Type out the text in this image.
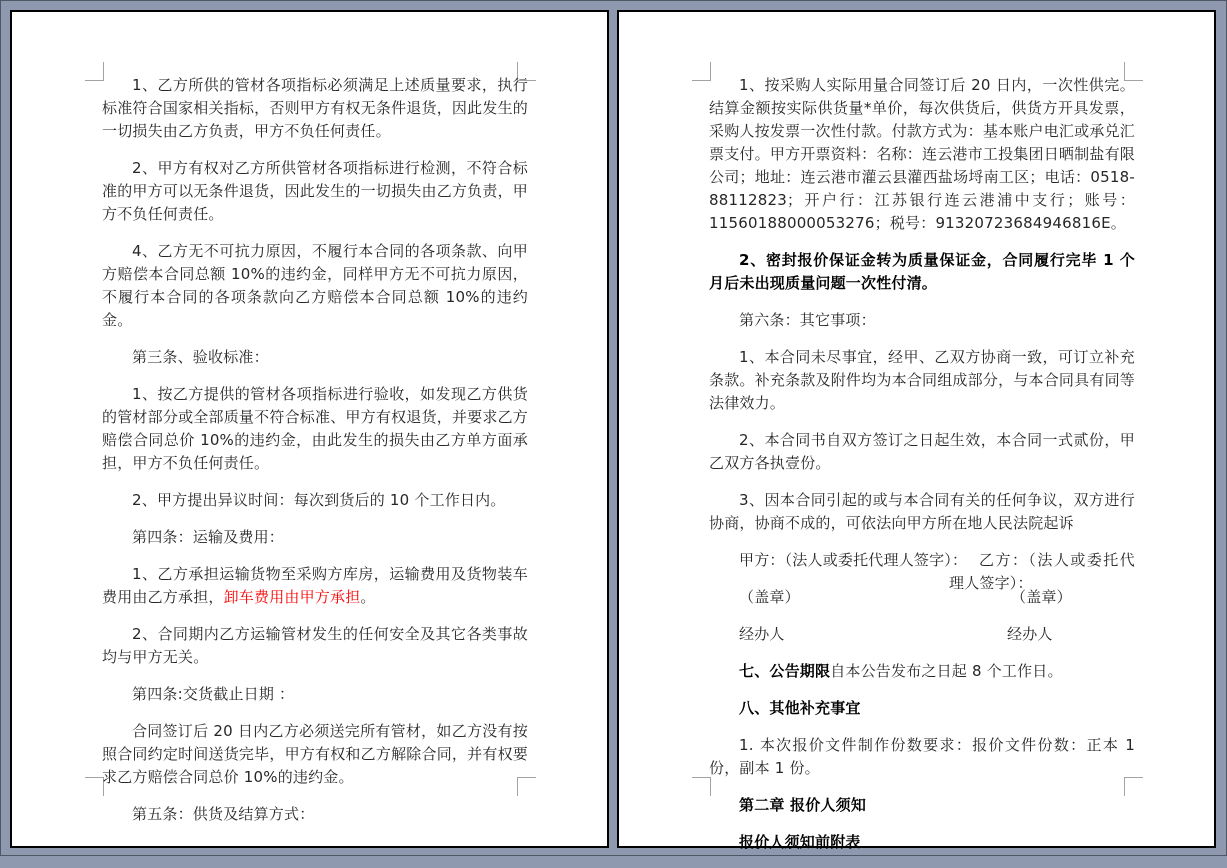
1、乙方所供的管材各项指标必须满足上述质量要求，执行标准符合国家相关指标，否则甲方有权无条件退货，因此发生的一切损失由乙方负责，甲方不负任何责任。

2、甲方有权对乙方所供管材各项指标进行检测，不符合标准的甲方可以无条件退货，因此发生的一切损失由乙方负责，甲方不负任何责任。

4、乙方无不可抗力原因，不履行本合同的各项条款、向甲方赔偿本合同总额 10%的违约金，同样甲方无不可抗力原因，不履行本合同的各项条款向乙方赔偿本合同总额 10%的违约金。

第三条、验收标准：

1、按乙方提供的管材各项指标进行验收，如发现乙方供货的管材部分或全部质量不符合标准、甲方有权退货，并要求乙方赔偿合同总价 10%的违约金，由此发生的损失由乙方单方面承担，甲方不负任何责任。

2、甲方提出异议时间：每次到货后的 10 个工作日内。

第四条：运输及费用：

1、乙方承担运输货物至采购方库房，运输费用及货物装车费用由乙方承担，卸车费用由甲方承担。

2、合同期内乙方运输管材发生的任何安全及其它各类事故均与甲方无关。

第四条:交货截止日期 ：

合同签订后 20 日内乙方必须送完所有管材，如乙方没有按照合同约定时间送货完毕，甲方有权和乙方解除合同，并有权要求乙方赔偿合同总价 10%的违约金。

第五条：供货及结算方式：

1、按采购人实际用量合同签订后 20 日内，一次性供完。结算金额按实际供货量*单价，每次供货后，供货方开具发票，采购人按发票一次性付款。付款方式为：基本账户电汇或承兑汇票支付。甲方开票资料：名称：连云港市工投集团日晒制盐有限公司；地址：连云港市灌云县灌西盐场埒南工区；电话：0518-88112823；开户行：江苏银行连云港浦中支行；账号：11560188000053276；税号：91320723684946816E。

2、密封报价保证金转为质量保证金，合同履行完毕 1 个月后未出现质量问题一次性付清。

第六条：其它事项：

1、本合同未尽事宜，经甲、乙双方协商一致，可订立补充条款。补充条款及附件均为本合同组成部分，与本合同具有同等法律效力。

2、本合同书自双方签订之日起生效，本合同一式贰份，甲乙双方各执壹份。

3、因本合同引起的或与本合同有关的任何争议，双方进行协商，协商不成的，可依法向甲方所在地人民法院起诉

甲方：（法人或委托代理人签字）： 乙方：（法人或委托代理人签字）：

（盖章）	（盖章）

经办人	经办人

七、公告期限自本公告发布之日起 8 个工作日。

八、其他补充事宜

1. 本次报价文件制作份数要求：报价文件份数：正本 1 份，副本 1 份。

第二章 报价人须知

报价人须知前附表
